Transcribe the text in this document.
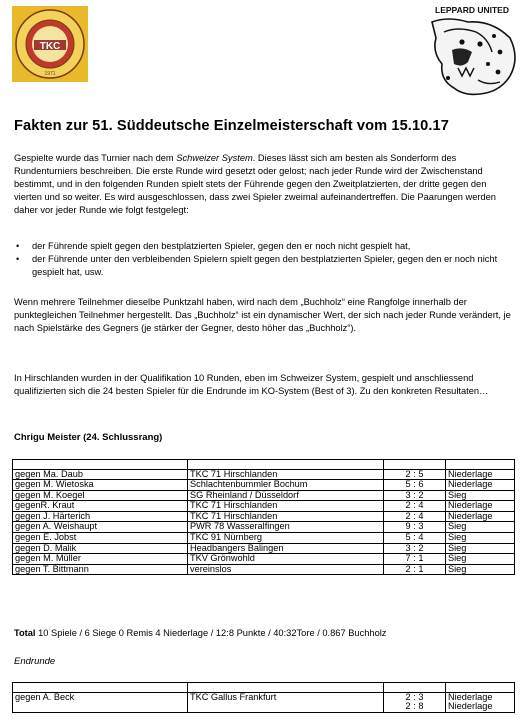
TKC
1971
LEPPARD UNITED
Fakten zur 51. Süddeutsche Einzelmeisterschaft vom 15.10.17

Gespielte wurde das Turnier nach dem Schweizer System. Dieses lässt sich am besten als Sonderform des Rundenturniers beschreiben. Die erste Runde wird gesetzt oder gelost; nach jeder Runde wird der Zwischenstand bestimmt, und in den folgenden Runden spielt stets der Führende gegen den Zweitplatzierten, der dritte gegen den vierten und so weiter. Es wird ausgeschlossen, dass zwei Spieler zweimal aufeinandertreffen. Die Paarungen werden daher vor jeder Runde wie folgt festgelegt:

• der Führende spielt gegen den bestplatzierten Spieler, gegen den er noch nicht gespielt hat,
• der Führende unter den verbleibenden Spielern spielt gegen den bestplatzierten Spieler, gegen den er noch nicht gespielt hat, usw.

Wenn mehrere Teilnehmer dieselbe Punktzahl haben, wird nach dem „Buchholz“ eine Rangfolge innerhalb der punktegleichen Teilnehmer hergestellt. Das „Buchholz“ ist ein dynamischer Wert, der sich nach jeder Runde verändert, je nach Spielstärke des Gegners (je stärker der Gegner, desto höher das „Buchholz“).

In Hirschlanden wurden in der Qualifikation 10 Runden, eben im Schweizer System, gespielt und anschliessend qualifizierten sich die 24 besten Spieler für die Endrunde im KO-System (Best of 3). Zu den konkreten Resultaten…

Chrigu Meister (24. Schlussrang)

gegen Ma. Daub	TKC 71 Hirschlanden	2 : 5	Niederlage
gegen M. Wietoska	Schlachtenbummler Bochum	5 : 6	Niederlage
gegen M. Koegel	SG Rheinland / Düsseldorf	3 : 2	Sieg
gegenR. Kraut	TKC 71 Hirschlanden	2 : 4	Niederlage
gegen J. Härterich	TKC 71 Hirschlanden	2 : 4	Niederlage
gegen A. Weishaupt	PWR 78 Wasseralfingen	9 : 3	Sieg
gegen E. Jobst	TKC 91 Nürnberg	5 : 4	Sieg
gegen D. Malik	Headbangers Balingen	3 : 2	Sieg
gegen M. Müller	TKV Grönwohld	7 : 1	Sieg
gegen T. Bittmann	vereinslos	2 : 1	Sieg
Total 10 Spiele / 6 Siege 0 Remis 4 Niederlage / 12:8 Punkte / 40:32Tore / 0.867 Buchholz
Endrunde

gegen A. Beck	TKC Gallus Frankfurt	2 : 3	Niederlage
		2 : 8	Niederlage
